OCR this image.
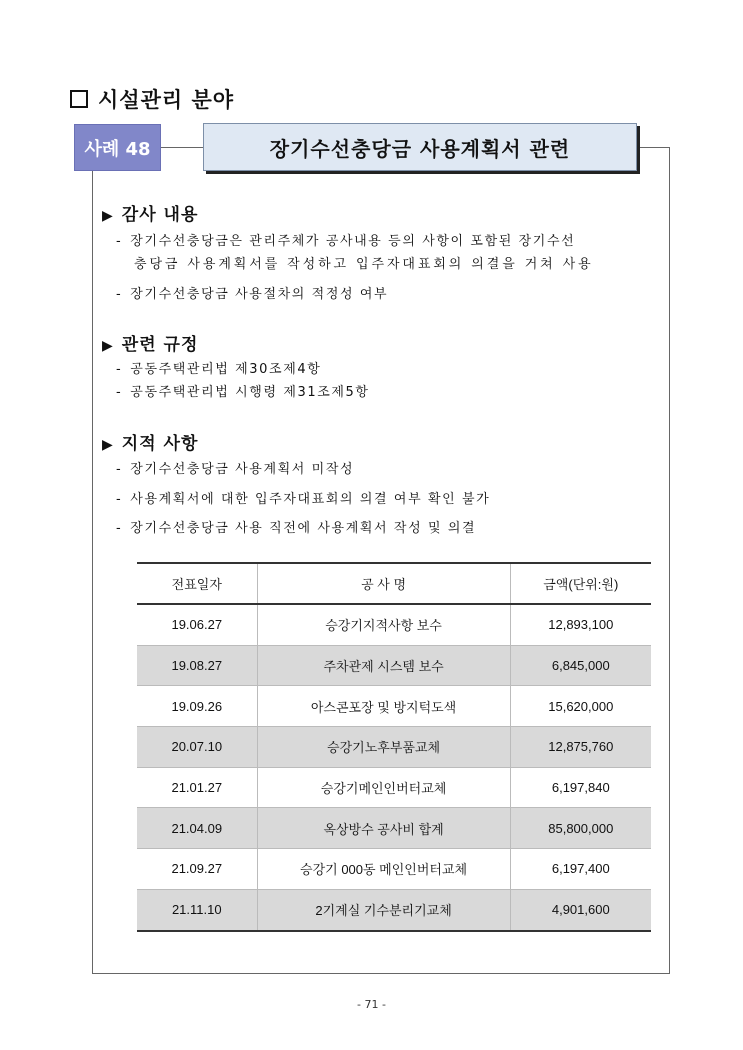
시설관리 분야
사례 48	장기수선충당금 사용계획서 관련
▶ 감사 내용
- 장기수선충당금은 관리주체가 공사내용 등의 사항이 포함된 장기수선
충당금 사용계획서를 작성하고 입주자대표회의 의결을 거쳐 사용
- 장기수선충당금 사용절차의 적정성 여부
▶ 관련 규정
- 공동주택관리법 제30조제4항
- 공동주택관리법 시행령 제31조제5항
▶ 지적 사항
- 장기수선충당금 사용계획서 미작성
- 사용계획서에 대한 입주자대표회의 의결 여부 확인 불가
- 장기수선충당금 사용 직전에 사용계획서 작성 및 의결
전표일자	공 사 명	금액(단위:원)
19.06.27	승강기지적사항 보수	12,893,100
19.08.27	주차관제 시스템 보수	6,845,000
19.09.26	아스콘포장 및 방지턱도색	15,620,000
20.07.10	승강기노후부품교체	12,875,760
21.01.27	승강기메인인버터교체	6,197,840
21.04.09	옥상방수 공사비 합계	85,800,000
21.09.27	승강기 000동 메인인버터교체	6,197,400
21.11.10	2기계실 기수분리기교체	4,901,600
- 71 -
